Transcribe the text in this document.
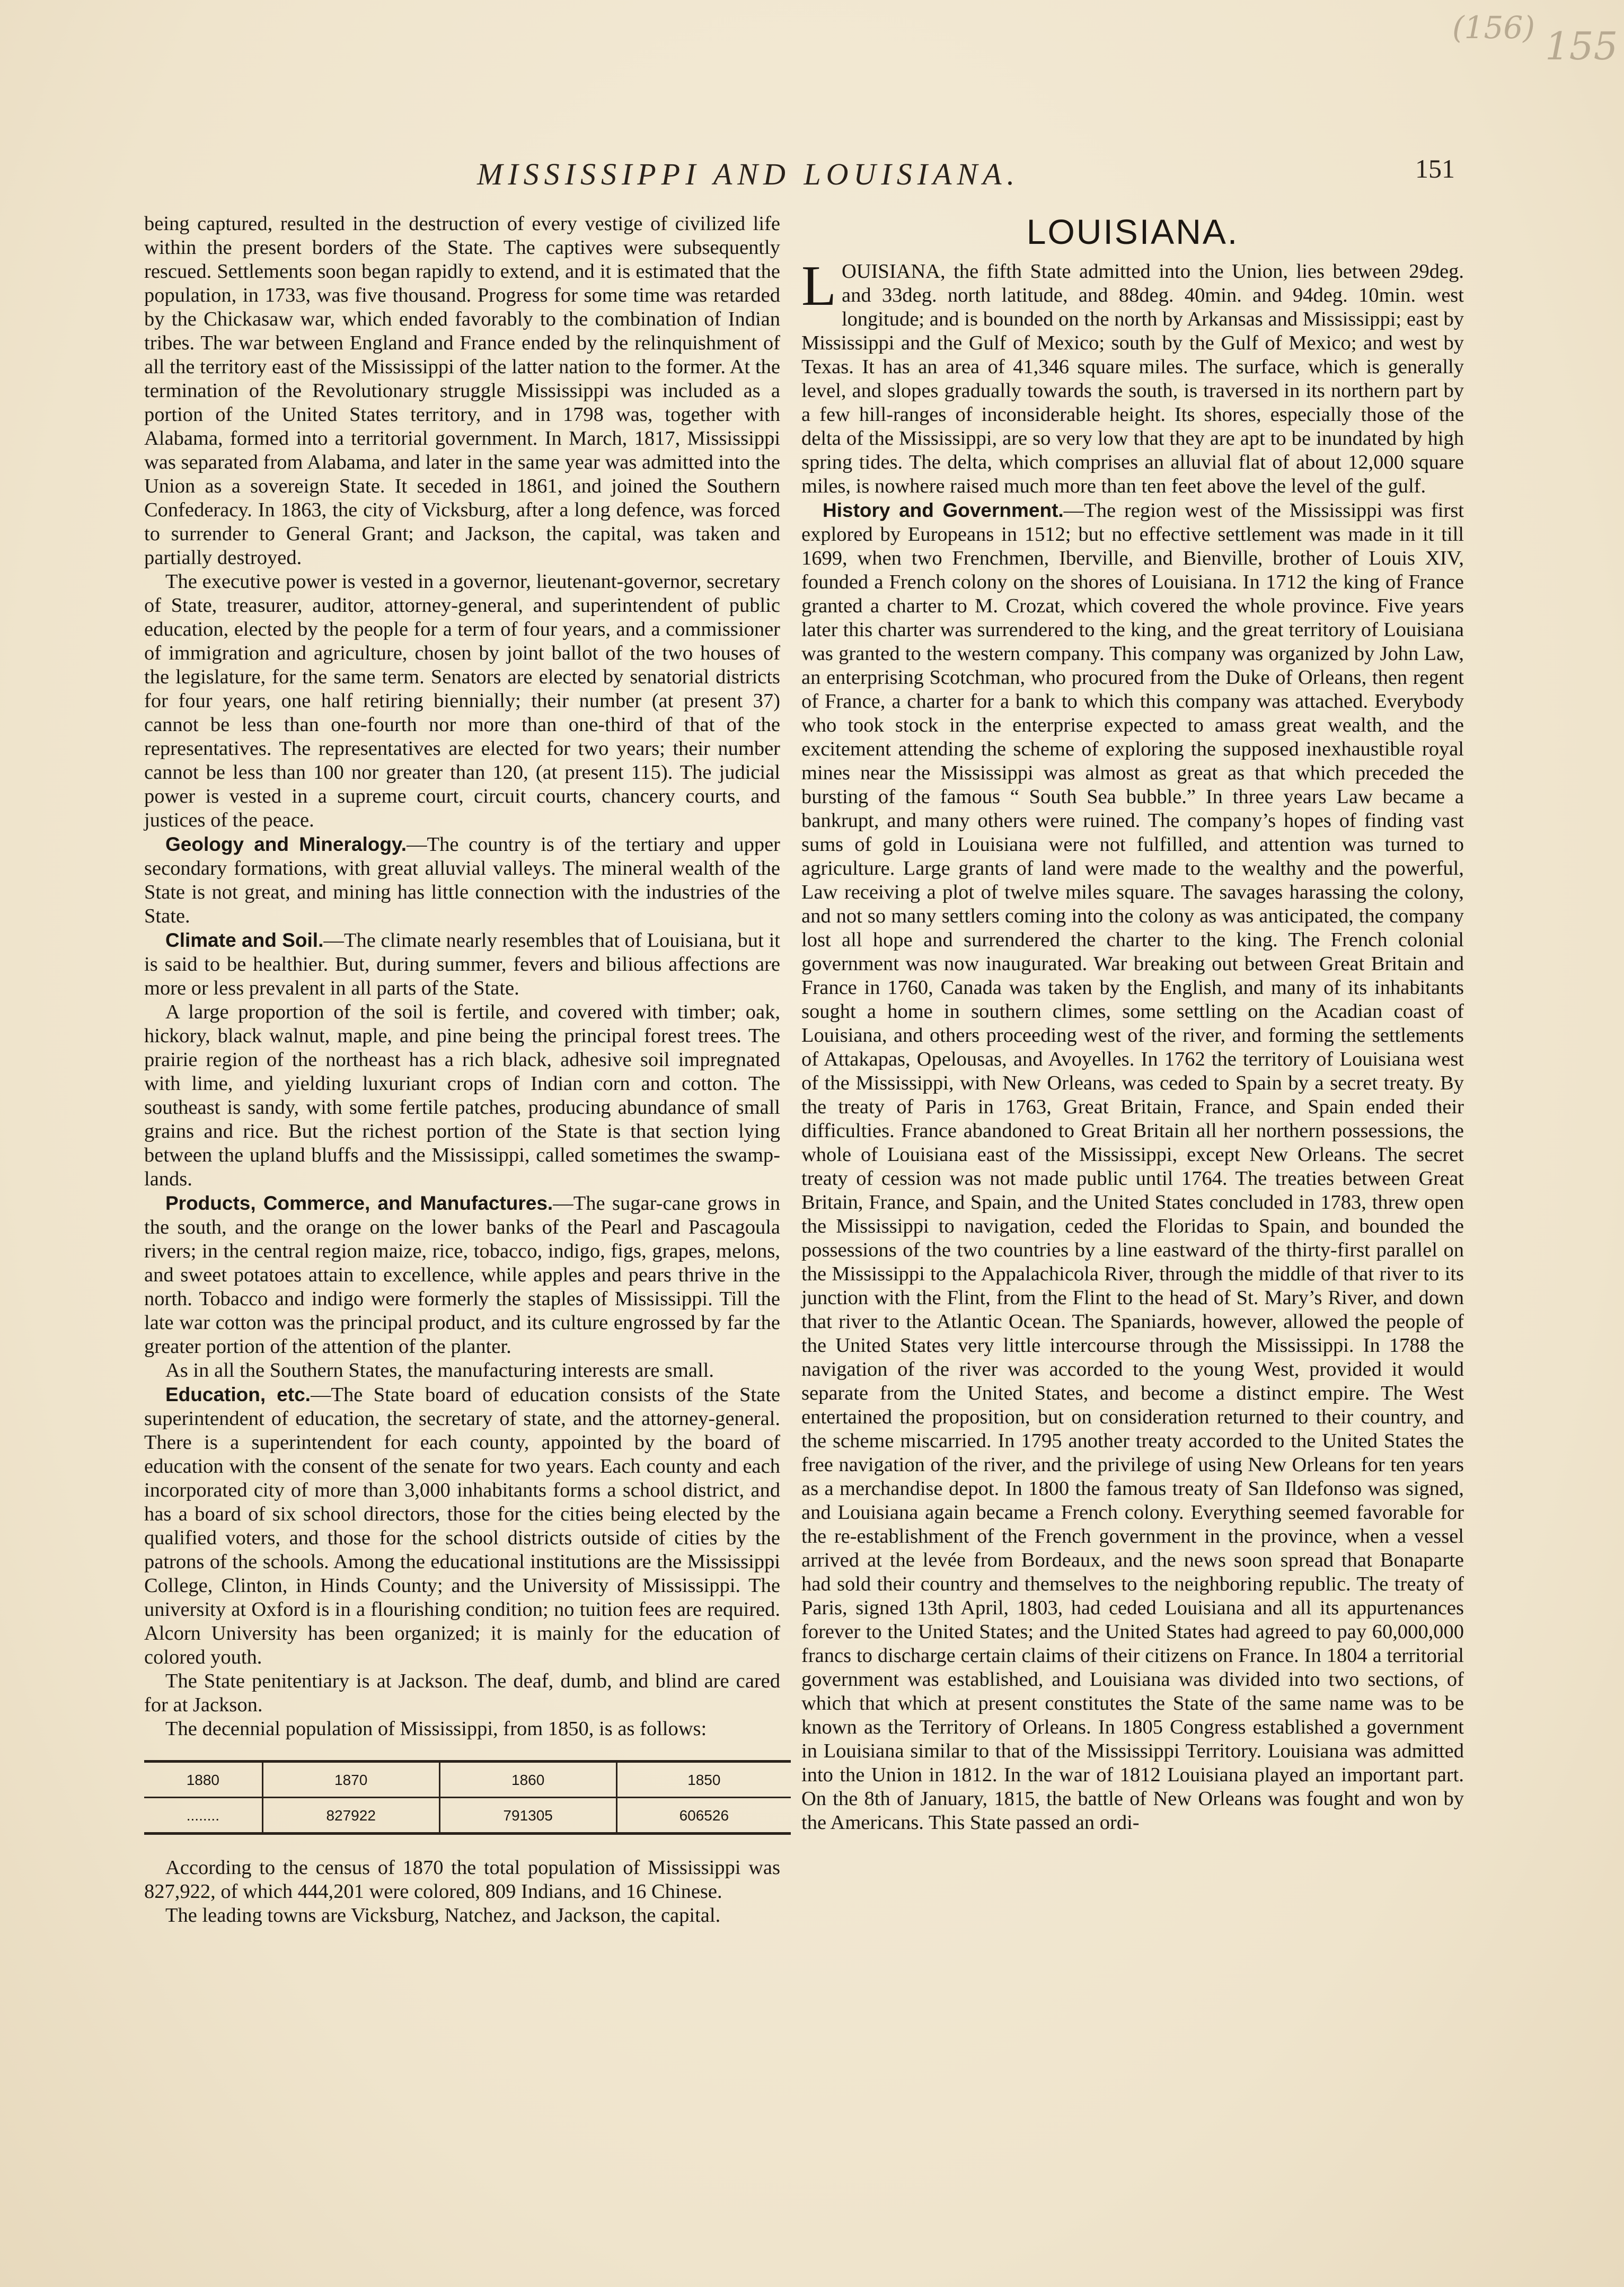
(156) 155
MISSISSIPPI AND LOUISIANA.	151

being captured, resulted in the destruction of every vestige of civilized life within the present borders of the State. The captives were subsequently rescued. Settlements soon began rapidly to extend, and it is estimated that the population, in 1733, was five thousand. Progress for some time was retarded by the Chickasaw war, which ended favorably to the combination of Indian tribes. The war between England and France ended by the relinquishment of all the territory east of the Mississippi of the latter nation to the former. At the termination of the Revolutionary struggle Mississippi was included as a portion of the United States territory, and in 1798 was, together with Alabama, formed into a territorial government. In March, 1817, Mississippi was separated from Alabama, and later in the same year was admitted into the Union as a sovereign State. It seceded in 1861, and joined the Southern Confederacy. In 1863, the city of Vicksburg, after a long defence, was forced to surrender to General Grant; and Jackson, the capital, was taken and partially destroyed.

The executive power is vested in a governor, lieutenant-governor, secretary of State, treasurer, auditor, attorney-general, and superintendent of public education, elected by the people for a term of four years, and a commissioner of immigration and agriculture, chosen by joint ballot of the two houses of the legislature, for the same term. Senators are elected by senatorial districts for four years, one half retiring biennially; their number (at present 37) cannot be less than one-fourth nor more than one-third of that of the representatives. The representatives are elected for two years; their number cannot be less than 100 nor greater than 120, (at present 115). The judicial power is vested in a supreme court, circuit courts, chancery courts, and justices of the peace.

Geology and Mineralogy.—The country is of the tertiary and upper secondary formations, with great alluvial valleys. The mineral wealth of the State is not great, and mining has little connection with the industries of the State.

Climate and Soil.—The climate nearly resembles that of Louisiana, but it is said to be healthier. But, during summer, fevers and bilious affections are more or less prevalent in all parts of the State.

A large proportion of the soil is fertile, and covered with timber; oak, hickory, black walnut, maple, and pine being the principal forest trees. The prairie region of the northeast has a rich black, adhesive soil impregnated with lime, and yielding luxuriant crops of Indian corn and cotton. The southeast is sandy, with some fertile patches, producing abundance of small grains and rice. But the richest portion of the State is that section lying between the upland bluffs and the Mississippi, called sometimes the swamp-lands.

Products, Commerce, and Manufactures.—The sugar-cane grows in the south, and the orange on the lower banks of the Pearl and Pascagoula rivers; in the central region maize, rice, tobacco, indigo, figs, grapes, melons, and sweet potatoes attain to excellence, while apples and pears thrive in the north. Tobacco and indigo were formerly the staples of Mississippi. Till the late war cotton was the principal product, and its culture engrossed by far the greater portion of the attention of the planter.

As in all the Southern States, the manufacturing interests are small.

Education, etc.—The State board of education consists of the State superintendent of education, the secretary of state, and the attorney-general. There is a superintendent for each county, appointed by the board of education with the consent of the senate for two years. Each county and each incorporated city of more than 3,000 inhabitants forms a school district, and has a board of six school directors, those for the cities being elected by the qualified voters, and those for the school districts outside of cities by the patrons of the schools. Among the educational institutions are the Mississippi College, Clinton, in Hinds County; and the University of Mississippi. The university at Oxford is in a flourishing condition; no tuition fees are required. Alcorn University has been organized; it is mainly for the education of colored youth.

The State penitentiary is at Jackson. The deaf, dumb, and blind are cared for at Jackson.

The decennial population of Mississippi, from 1850, is as follows:

1880	1870	1860	1850
........	827922	791305	606526

According to the census of 1870 the total population of Mississippi was 827,922, of which 444,201 were colored, 809 Indians, and 16 Chinese.

The leading towns are Vicksburg, Natchez, and Jackson, the capital.

LOUISIANA.

LOUISIANA, the fifth State admitted into the Union, lies between 29deg. and 33deg. north latitude, and 88deg. 40min. and 94deg. 10min. west longitude; and is bounded on the north by Arkansas and Mississippi; east by Mississippi and the Gulf of Mexico; south by the Gulf of Mexico; and west by Texas. It has an area of 41,346 square miles. The surface, which is generally level, and slopes gradually towards the south, is traversed in its northern part by a few hill-ranges of inconsiderable height. Its shores, especially those of the delta of the Mississippi, are so very low that they are apt to be inundated by high spring tides. The delta, which comprises an alluvial flat of about 12,000 square miles, is nowhere raised much more than ten feet above the level of the gulf.

History and Government.—The region west of the Mississippi was first explored by Europeans in 1512; but no effective settlement was made in it till 1699, when two Frenchmen, Iberville, and Bienville, brother of Louis XIV, founded a French colony on the shores of Louisiana. In 1712 the king of France granted a charter to M. Crozat, which covered the whole province. Five years later this charter was surrendered to the king, and the great territory of Louisiana was granted to the western company. This company was organized by John Law, an enterprising Scotchman, who procured from the Duke of Orleans, then regent of France, a charter for a bank to which this company was attached. Everybody who took stock in the enterprise expected to amass great wealth, and the excitement attending the scheme of exploring the supposed inexhaustible royal mines near the Mississippi was almost as great as that which preceded the bursting of the famous “ South Sea bubble.” In three years Law became a bankrupt, and many others were ruined. The company’s hopes of finding vast sums of gold in Louisiana were not fulfilled, and attention was turned to agriculture. Large grants of land were made to the wealthy and the powerful, Law receiving a plot of twelve miles square. The savages harassing the colony, and not so many settlers coming into the colony as was anticipated, the company lost all hope and surrendered the charter to the king. The French colonial government was now inaugurated. War breaking out between Great Britain and France in 1760, Canada was taken by the English, and many of its inhabitants sought a home in southern climes, some settling on the Acadian coast of Louisiana, and others proceeding west of the river, and forming the settlements of Attakapas, Opelousas, and Avoyelles. In 1762 the territory of Louisiana west of the Mississippi, with New Orleans, was ceded to Spain by a secret treaty. By the treaty of Paris in 1763, Great Britain, France, and Spain ended their difficulties. France abandoned to Great Britain all her northern possessions, the whole of Louisiana east of the Mississippi, except New Orleans. The secret treaty of cession was not made public until 1764. The treaties between Great Britain, France, and Spain, and the United States concluded in 1783, threw open the Mississippi to navigation, ceded the Floridas to Spain, and bounded the possessions of the two countries by a line eastward of the thirty-first parallel on the Mississippi to the Appalachicola River, through the middle of that river to its junction with the Flint, from the Flint to the head of St. Mary’s River, and down that river to the Atlantic Ocean. The Spaniards, however, allowed the people of the United States very little intercourse through the Mississippi. In 1788 the navigation of the river was accorded to the young West, provided it would separate from the United States, and become a distinct empire. The West entertained the proposition, but on consideration returned to their country, and the scheme miscarried. In 1795 another treaty accorded to the United States the free navigation of the river, and the privilege of using New Orleans for ten years as a merchandise depot. In 1800 the famous treaty of San Ildefonso was signed, and Louisiana again became a French colony. Everything seemed favorable for the re-establishment of the French government in the province, when a vessel arrived at the levée from Bordeaux, and the news soon spread that Bonaparte had sold their country and themselves to the neighboring republic. The treaty of Paris, signed 13th April, 1803, had ceded Louisiana and all its appurtenances forever to the United States; and the United States had agreed to pay 60,000,000 francs to discharge certain claims of their citizens on France. In 1804 a territorial government was established, and Louisiana was divided into two sections, of which that which at present constitutes the State of the same name was to be known as the Territory of Orleans. In 1805 Congress established a government in Louisiana similar to that of the Mississippi Territory. Louisiana was admitted into the Union in 1812. In the war of 1812 Louisiana played an important part. On the 8th of January, 1815, the battle of New Orleans was fought and won by the Americans. This State passed an ordi-
